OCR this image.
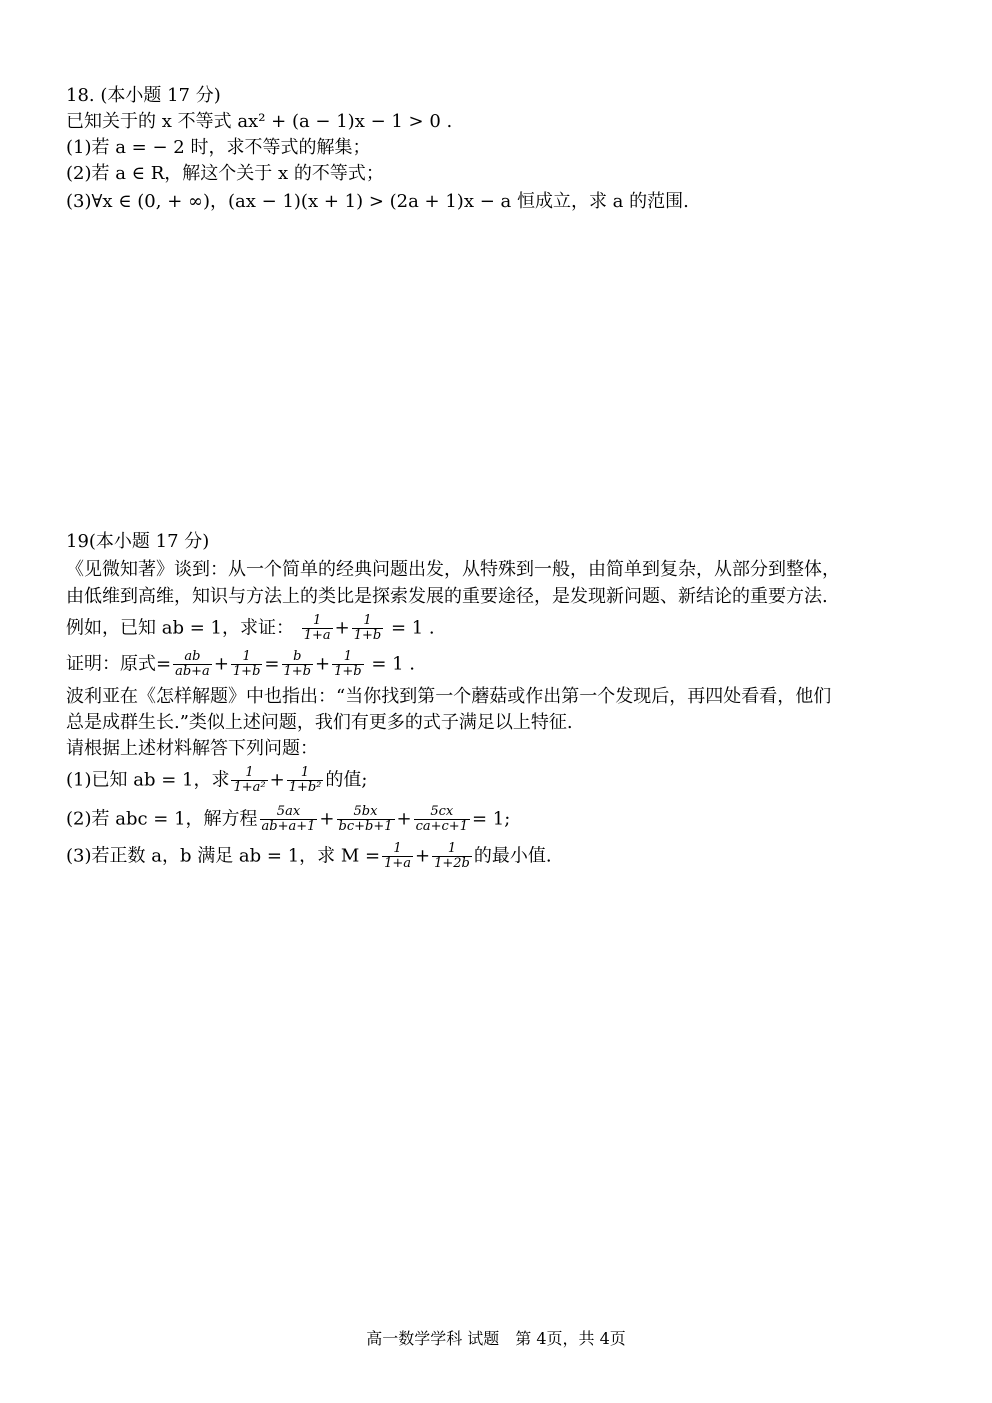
18. (本小题 17 分)
已知关于的 x 不等式 ax² + (a − 1)x − 1 > 0 .
(1)若 a = − 2 时，求不等式的解集；
(2)若 a ∈ R，解这个关于 x 的不等式；
(3)∀x ∈ (0, + ∞)，(ax − 1)(x + 1) > (2a + 1)x − a 恒成立，求 a 的范围.
19(本小题 17 分)
《见微知著》谈到：从一个简单的经典问题出发，从特殊到一般，由简单到复杂，从部分到整体，
由低维到高维，知识与方法上的类比是探索发展的重要途径，是发现新问题、新结论的重要方法.
例如，已知 ab = 1，求证： $\frac{1}{1+a} + \frac{1}{1+b} = 1$ .
证明：原式= $\frac{ab}{ab+a} + \frac{1}{1+b} = \frac{b}{1+b} + \frac{1}{1+b} = 1$ .
波利亚在《怎样解题》中也指出：“当你找到第一个蘑菇或作出第一个发现后，再四处看看，他们
总是成群生长.”类似上述问题，我们有更多的式子满足以上特征.
请根据上述材料解答下列问题：
(1)已知 ab = 1，求 $\frac{1}{\text{1+a²}} + \frac{1}{\text{1+b²}}$ 的值;
(2)若 abc = 1，解方程 $\frac{5ax}{ab+a+1} + \frac{5bx}{bc+b+1} + \frac{5cx}{ca+c+1} = 1$;
(3)若正数 a，b 满足 ab = 1，求 $M = \frac{1}{1+a} + \frac{1}{1+2b}$ 的最小值.
高一数学学科 试题　第 4页，共 4页
